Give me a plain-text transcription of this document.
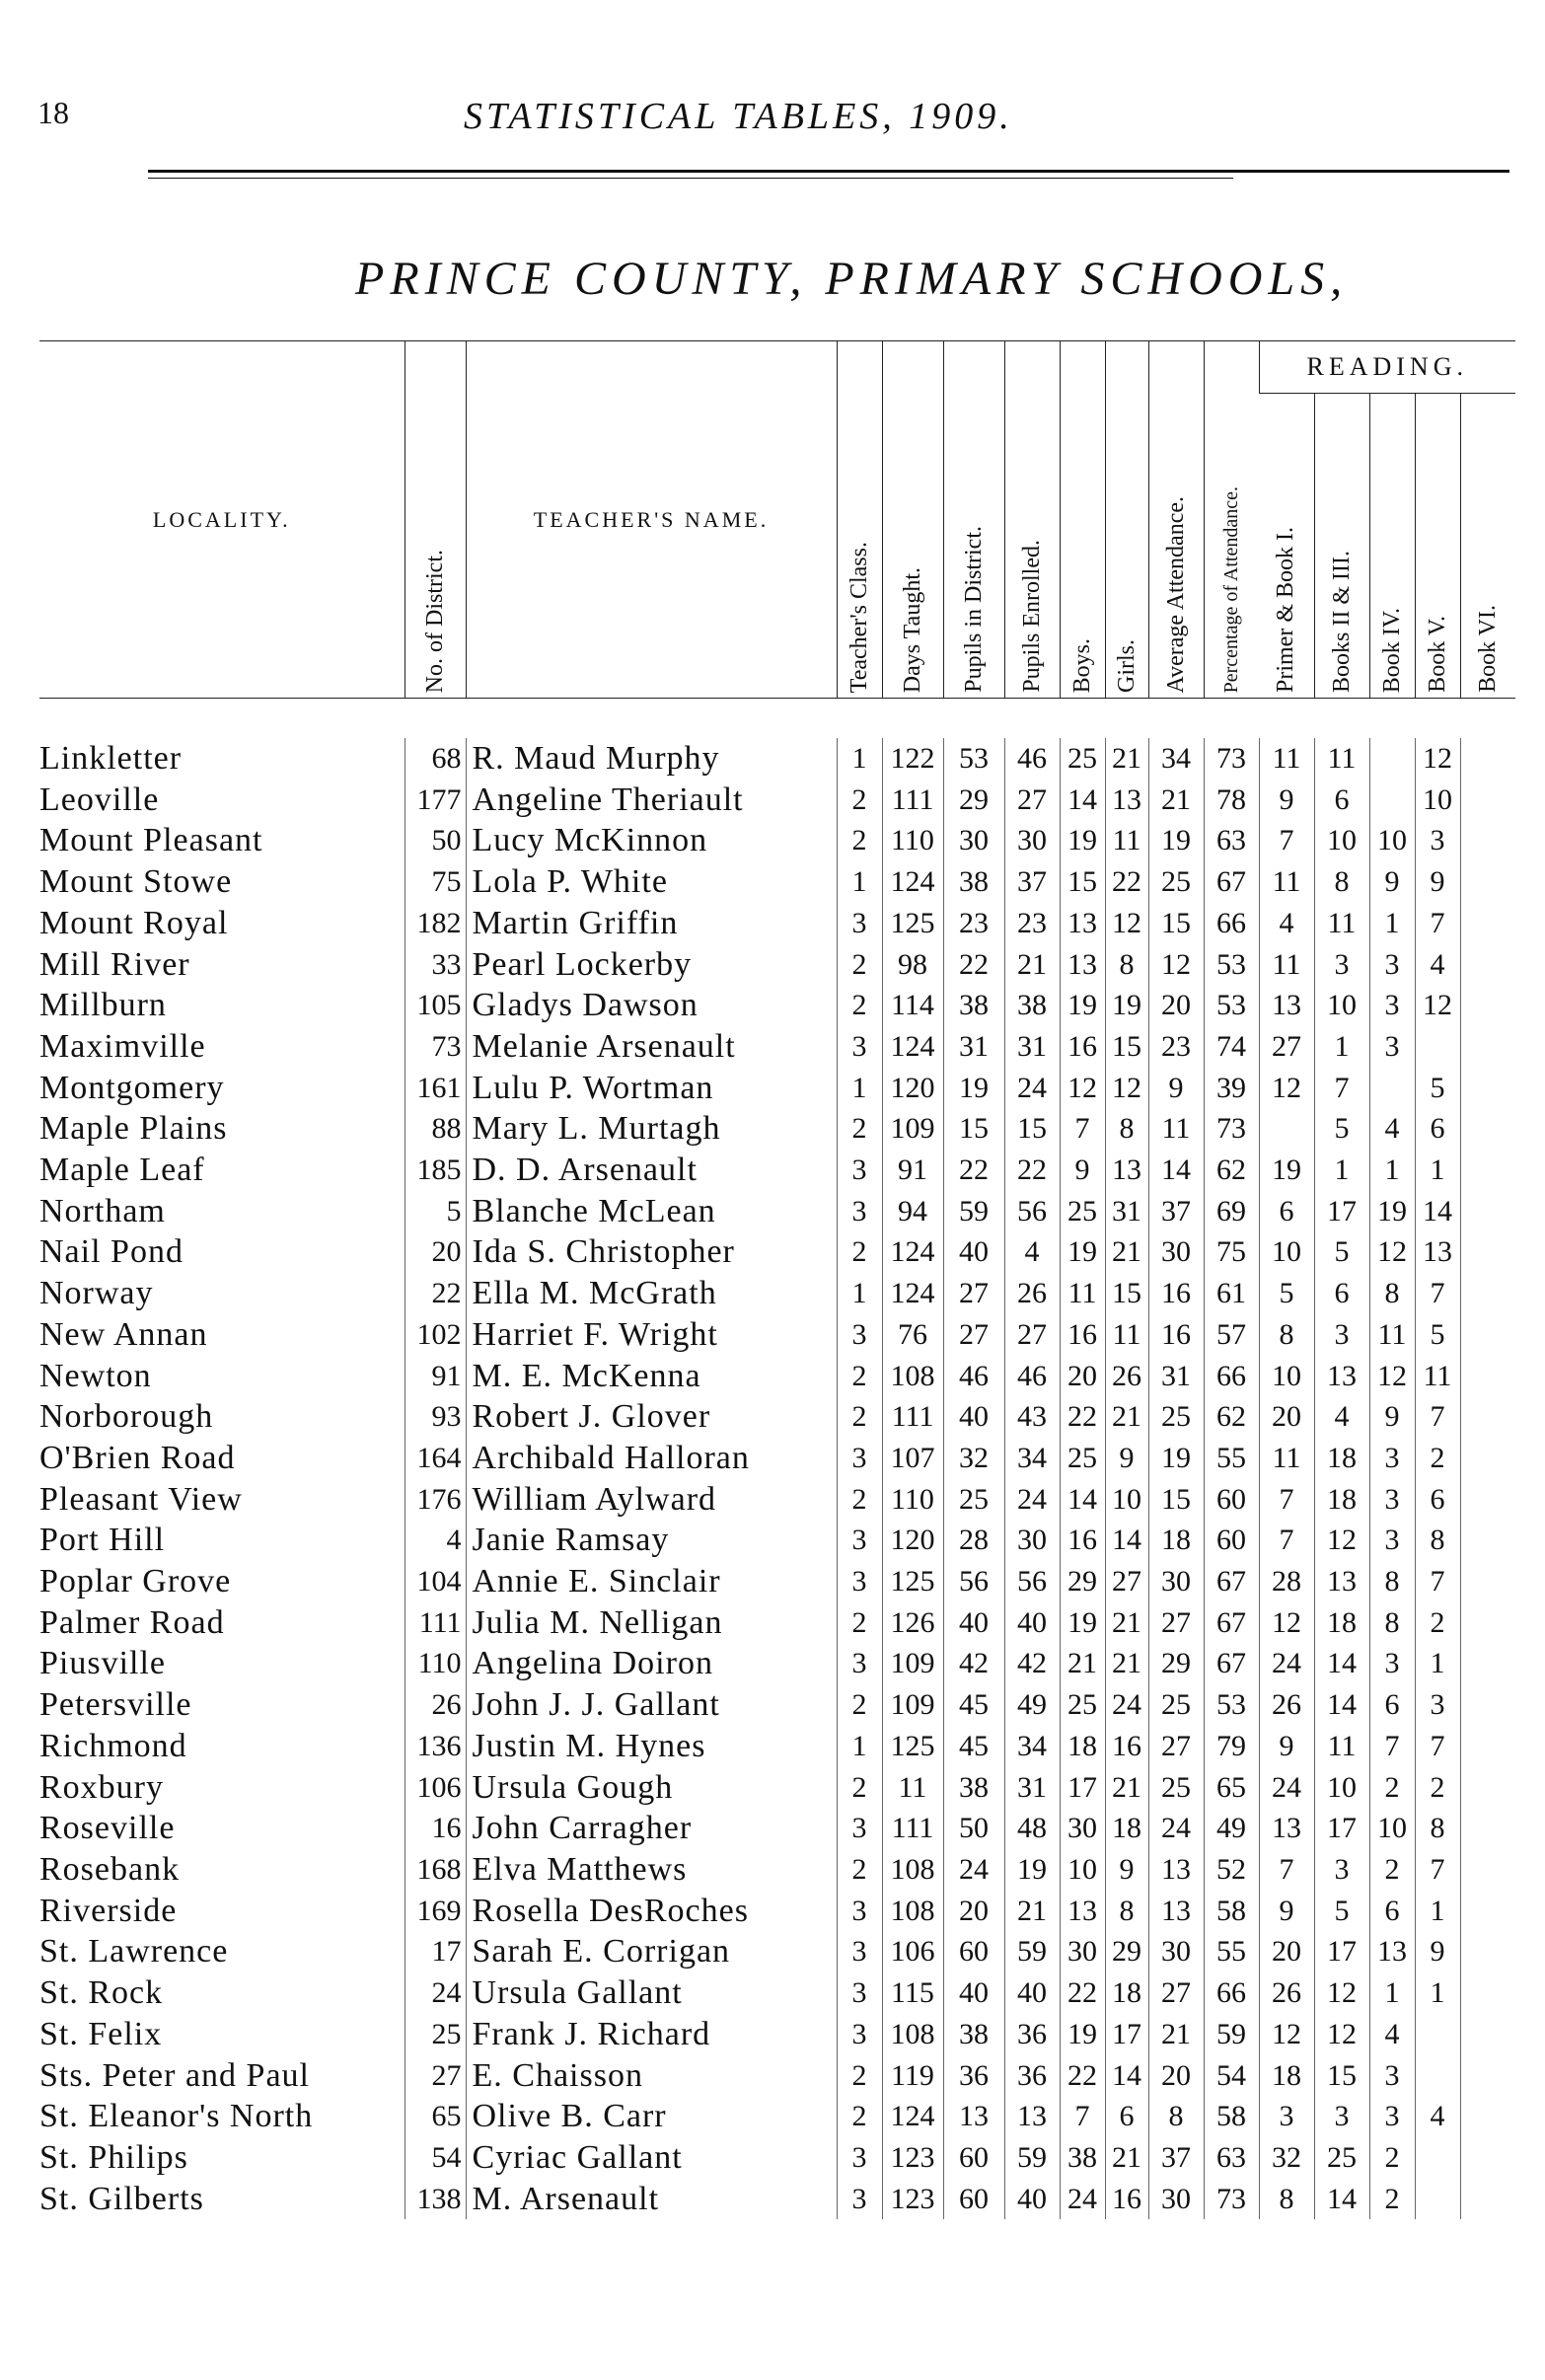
18	STATISTICAL TABLES, 1909.
PRINCE COUNTY, PRIMARY SCHOOLS,
LOCALITY.	No. of District.	TEACHER'S NAME.	Teacher's Class.	Days Taught.	Pupils in District.	Pupils Enrolled.	Boys.	Girls.	Average Attendance.	Percentage of Attendance.	READING.				
											Primer & Book I.	Books II & III.	Book IV.	Book V.	Book VI.

Linkletter	68	R. Maud Murphy	1	122	53	46	25	21	34	73	11	11		12	
Leoville	177	Angeline Theriault	2	111	29	27	14	13	21	78	9	6		10	
Mount Pleasant	50	Lucy McKinnon	2	110	30	30	19	11	19	63	7	10	10	3	
Mount Stowe	75	Lola P. White	1	124	38	37	15	22	25	67	11	8	9	9	
Mount Royal	182	Martin Griffin	3	125	23	23	13	12	15	66	4	11	1	7	
Mill River	33	Pearl Lockerby	2	98	22	21	13	8	12	53	11	3	3	4	
Millburn	105	Gladys Dawson	2	114	38	38	19	19	20	53	13	10	3	12	
Maximville	73	Melanie Arsenault	3	124	31	31	16	15	23	74	27	1	3		
Montgomery	161	Lulu P. Wortman	1	120	19	24	12	12	9	39	12	7		5	
Maple Plains	88	Mary L. Murtagh	2	109	15	15	7	8	11	73		5	4	6	
Maple Leaf	185	D. D. Arsenault	3	91	22	22	9	13	14	62	19	1	1	1	
Northam	5	Blanche McLean	3	94	59	56	25	31	37	69	6	17	19	14	
Nail Pond	20	Ida S. Christopher	2	124	40	4	19	21	30	75	10	5	12	13	
Norway	22	Ella M. McGrath	1	124	27	26	11	15	16	61	5	6	8	7	
New Annan	102	Harriet F. Wright	3	76	27	27	16	11	16	57	8	3	11	5	
Newton	91	M. E. McKenna	2	108	46	46	20	26	31	66	10	13	12	11	
Norborough	93	Robert J. Glover	2	111	40	43	22	21	25	62	20	4	9	7	
O'Brien Road	164	Archibald Halloran	3	107	32	34	25	9	19	55	11	18	3	2	
Pleasant View	176	William Aylward	2	110	25	24	14	10	15	60	7	18	3	6	
Port Hill	4	Janie Ramsay	3	120	28	30	16	14	18	60	7	12	3	8	
Poplar Grove	104	Annie E. Sinclair	3	125	56	56	29	27	30	67	28	13	8	7	
Palmer Road	111	Julia M. Nelligan	2	126	40	40	19	21	27	67	12	18	8	2	
Piusville	110	Angelina Doiron	3	109	42	42	21	21	29	67	24	14	3	1	
Petersville	26	John J. J. Gallant	2	109	45	49	25	24	25	53	26	14	6	3	
Richmond	136	Justin M. Hynes	1	125	45	34	18	16	27	79	9	11	7	7	
Roxbury	106	Ursula Gough	2	11	38	31	17	21	25	65	24	10	2	2	
Roseville	16	John Carragher	3	111	50	48	30	18	24	49	13	17	10	8	
Rosebank	168	Elva Matthews	2	108	24	19	10	9	13	52	7	3	2	7	
Riverside	169	Rosella DesRoches	3	108	20	21	13	8	13	58	9	5	6	1	
St. Lawrence	17	Sarah E. Corrigan	3	106	60	59	30	29	30	55	20	17	13	9	
St. Rock	24	Ursula Gallant	3	115	40	40	22	18	27	66	26	12	1	1	
St. Felix	25	Frank J. Richard	3	108	38	36	19	17	21	59	12	12	4		
Sts. Peter and Paul	27	E. Chaisson	2	119	36	36	22	14	20	54	18	15	3		
St. Eleanor's North	65	Olive B. Carr	2	124	13	13	7	6	8	58	3	3	3	4	
St. Philips	54	Cyriac Gallant	3	123	60	59	38	21	37	63	32	25	2		
St. Gilberts	138	M. Arsenault	3	123	60	40	24	16	30	73	8	14	2		
